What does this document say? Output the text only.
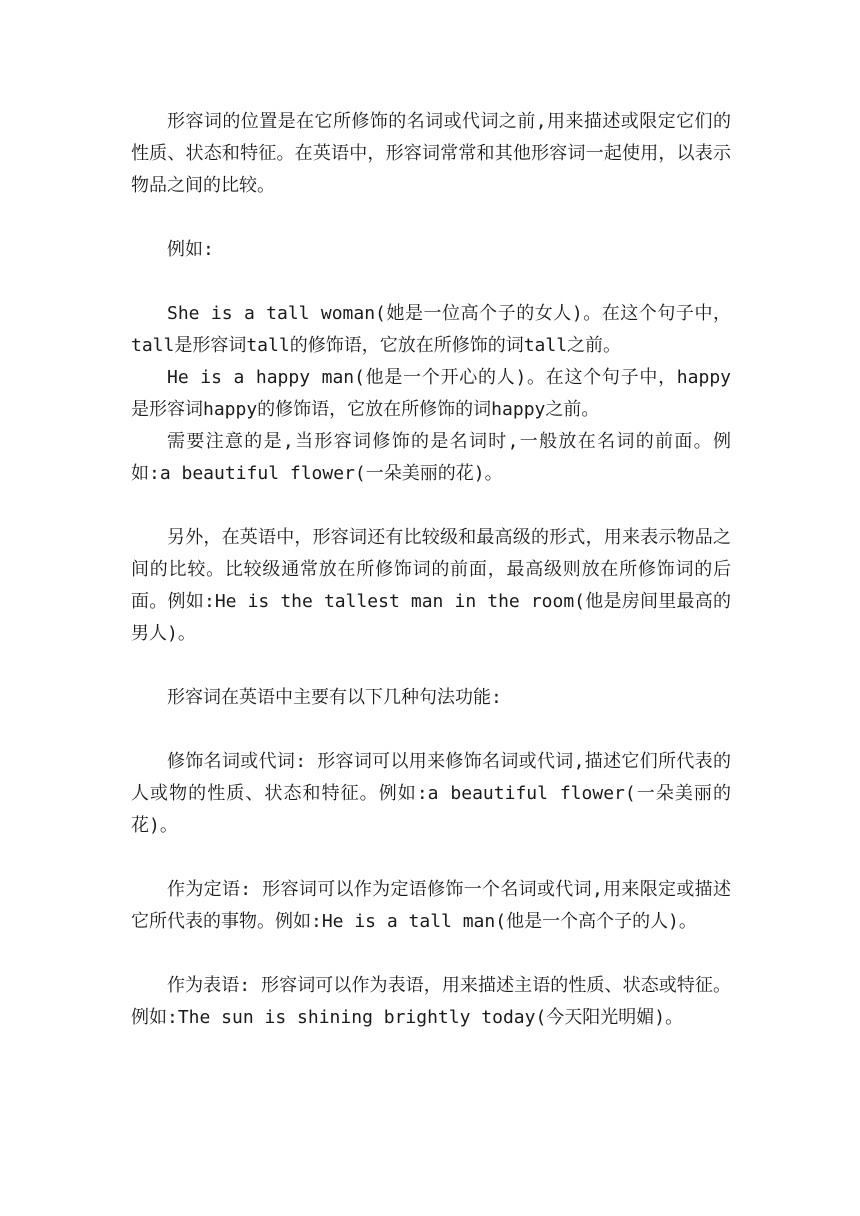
形容词的位置是在它所修饰的名词或代词之前,用来描述或限定它们的性质、状态和特征。在英语中，形容词常常和其他形容词一起使用，以表示物品之间的比较。

例如:

She is a tall woman(她是一位高个子的女人)。在这个句子中，tall是形容词tall的修饰语，它放在所修饰的词tall之前。

He is a happy man(他是一个开心的人)。在这个句子中，happy是形容词happy的修饰语，它放在所修饰的词happy之前。

需要注意的是,当形容词修饰的是名词时,一般放在名词的前面。例如:a beautiful flower(一朵美丽的花)。

另外，在英语中，形容词还有比较级和最高级的形式，用来表示物品之间的比较。比较级通常放在所修饰词的前面，最高级则放在所修饰词的后面。例如:He is the tallest man in the room(他是房间里最高的男人)。

形容词在英语中主要有以下几种句法功能:

修饰名词或代词: 形容词可以用来修饰名词或代词,描述它们所代表的人或物的性质、状态和特征。例如:a beautiful flower(一朵美丽的花)。

作为定语: 形容词可以作为定语修饰一个名词或代词,用来限定或描述它所代表的事物。例如:He is a tall man(他是一个高个子的人)。

作为表语: 形容词可以作为表语，用来描述主语的性质、状态或特征。例如:The sun is shining brightly today(今天阳光明媚)。
